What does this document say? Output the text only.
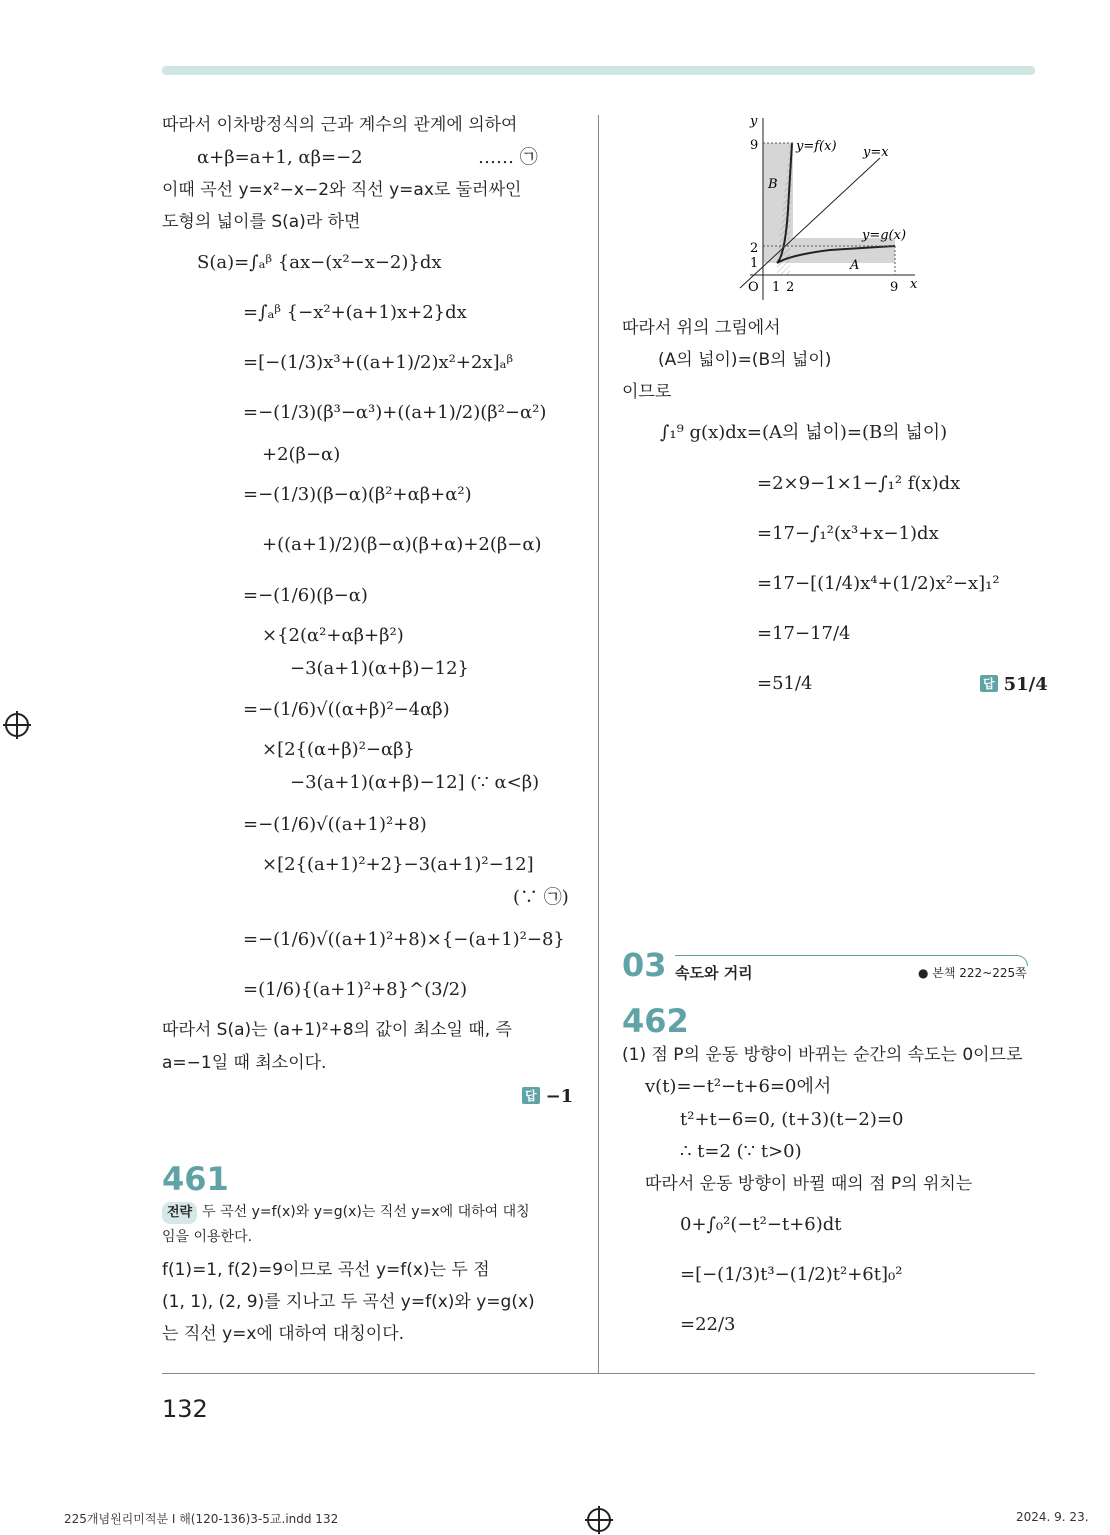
따라서 이차방정식의 근과 계수의 관계에 의하여
α+β=a+1, αβ=−2	…… ㉠
이때 곡선 y=x²−x−2와 직선 y=ax로 둘러싸인
도형의 넓이를 S(a)라 하면
S(a)=∫ₐᵝ {ax−(x²−x−2)}dx
=∫ₐᵝ {−x²+(a+1)x+2}dx
=[−(1/3)x³+((a+1)/2)x²+2x]ₐᵝ
=−(1/3)(β³−α³)+((a+1)/2)(β²−α²)
+2(β−α)
=−(1/3)(β−α)(β²+αβ+α²)
+((a+1)/2)(β−α)(β+α)+2(β−α)
=−(1/6)(β−α)
×{2(α²+αβ+β²)
−3(a+1)(α+β)−12}
=−(1/6)√((α+β)²−4αβ)
×[2{(α+β)²−αβ}
−3(a+1)(α+β)−12] (∵ α<β)
=−(1/6)√((a+1)²+8)
×[2{(a+1)²+2}−3(a+1)²−12]
(∵ ㉠)
=−(1/6)√((a+1)²+8)×{−(a+1)²−8}
=(1/6){(a+1)²+8}^(3/2)
따라서 S(a)는 (a+1)²+8의 값이 최소일 때, 즉
a=−1일 때 최소이다.
답 −1
461
전략 두 곡선 y=f(x)와 y=g(x)는 직선 y=x에 대하여 대칭
임을 이용한다.
f(1)=1, f(2)=9이므로 곡선 y=f(x)는 두 점
(1, 1), (2, 9)를 지나고 두 곡선 y=f(x)와 y=g(x)
는 직선 y=x에 대하여 대칭이다.
y
x
O
y=f(x) y=x
y=g(x)
A
B
9
2
1
1 2	9
따라서 위의 그림에서
(A의 넓이)=(B의 넓이)
이므로
∫₁⁹ g(x)dx=(A의 넓이)=(B의 넓이)
=2×9−1×1−∫₁² f(x)dx
=17−∫₁²(x³+x−1)dx
=17−[(1/4)x⁴+(1/2)x²−x]₁²
=17−17/4
=51/4	답 51/4
03 속도와 거리	● 본책 222~225쪽
462
(1) 점 P의 운동 방향이 바뀌는 순간의 속도는 0이므로
v(t)=−t²−t+6=0에서
t²+t−6=0, (t+3)(t−2)=0
∴ t=2 (∵ t>0)
따라서 운동 방향이 바뀔 때의 점 P의 위치는
0+∫₀²(−t²−t+6)dt
=[−(1/3)t³−(1/2)t²+6t]₀²
=22/3
132
225개념원리미적분 I 해(120-136)3-5교.indd 132	2024. 9. 23.
